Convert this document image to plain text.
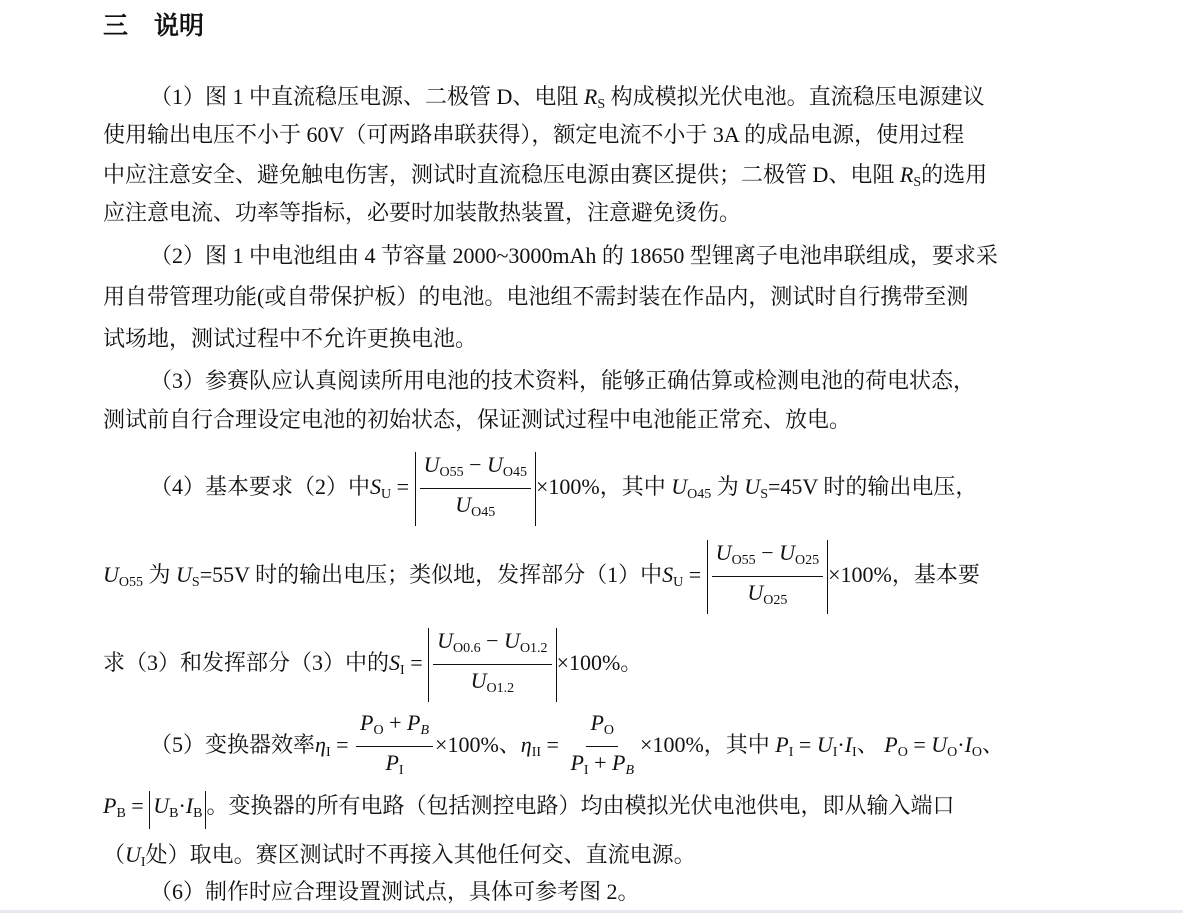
三 说明
（1）图 1 中直流稳压电源、二极管 D、电阻 $R_S$ 构成模拟光伏电池。直流稳压电源建议
使用输出电压不小于 60V（可两路串联获得），额定电流不小于 3A 的成品电源，使用过程
中应注意安全、避免触电伤害，测试时直流稳压电源由赛区提供；二极管 D、电阻 $R_S$的选用
应注意电流、功率等指标，必要时加装散热装置，注意避免烫伤。
（2）图 1 中电池组由 4 节容量 2000~3000mAh 的 18650 型锂离子电池串联组成，要求采
用自带管理功能(或自带保护板）的电池。电池组不需封装在作品内，测试时自行携带至测
试场地，测试过程中不允许更换电池。
（3）参赛队应认真阅读所用电池的技术资料，能够正确估算或检测电池的荷电状态，
测试前自行合理设定电池的初始状态，保证测试过程中电池能正常充、放电。
（4）基本要求（2）中$S_U = \frac{U_{O55} - U_{O45}}{U_{O45}} \times 100\%$，其中 $U_{O45}$ 为 $U_S=45V$ 时的输出电压，
$U_{O55}$ 为 $U_S=55V$ 时的输出电压；类似地，发挥部分（1）中$S_U = \frac{U_{O55} - U_{O25}}{U_{O25}} \times 100\%$，基本要
求（3）和发挥部分（3）中的$S_I = \frac{U_{O0.6} - U_{O1.2}}{U_{O1.2}} \times 100\%$。
（5）变换器效率$\eta_I = \frac{P_O + P_B}{P_I} \times 100\%$、$\eta_{II} = \frac{P_O}{P_I + P_B} \times 100\%$，其中 $P_I = U_I\cdot I_I$、 $P_O = U_O\cdot I_O$、
$P_B = U_B\cdot I_B$ 。变换器的所有电路（包括测控电路）均由模拟光伏电池供电，即从输入端口
（$U_I$处）取电。赛区测试时不再接入其他任何交、直流电源。
（6）制作时应合理设置测试点，具体可参考图 2。
